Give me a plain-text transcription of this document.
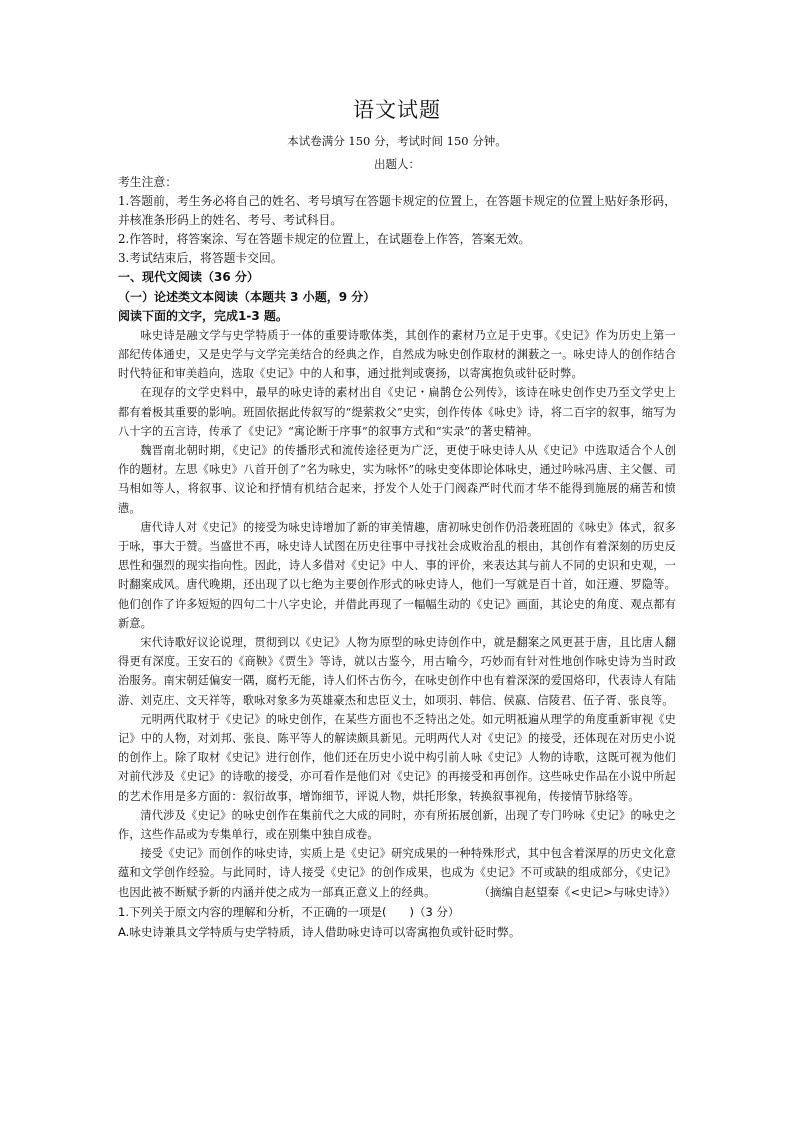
语文试题
本试卷满分 150 分，考试时间 150 分钟。
出题人：
考生注意：
1.答题前，考生务必将自己的姓名、考号填写在答题卡规定的位置上，在答题卡规定的位置上贴好条形码，并核准条形码上的姓名、考号、考试科目。
2.作答时，将答案涂、写在答题卡规定的位置上，在试题卷上作答，答案无效。
3.考试结束后，将答题卡交回。
一、现代文阅读（36 分）
（一）论述类文本阅读（本题共 3 小题，9 分）
阅读下面的文字，完成1-3 题。
咏史诗是融文学与史学特质于一体的重要诗歌体类，其创作的素材乃立足于史事。《史记》作为历史上第一部纪传体通史，又是史学与文学完美结合的经典之作，自然成为咏史创作取材的渊薮之一。咏史诗人的创作结合时代特征和审美趋向，选取《史记》中的人和事，通过批判或褒扬，以寄寓抱负或针砭时弊。
在现存的文学史料中，最早的咏史诗的素材出自《史记・扁鹊仓公列传》，该诗在咏史创作史乃至文学史上都有着极其重要的影响。班固依据此传叙写的“缇萦救父”史实，创作传体《咏史》诗，将二百字的叙事，缩写为八十字的五言诗，传承了《史记》“寓论断于序事”的叙事方式和“实录”的著史精神。
魏晋南北朝时期，《史记》的传播形式和流传途径更为广泛，更使于咏史诗人从《史记》中选取适合个人创作的题材。左思《咏史》八首开创了“名为咏史，实为咏怀”的咏史变体即论体咏史，通过吟咏冯唐、主父偃、司马相如等人，将叙事、议论和抒情有机结合起来，抒发个人处于门阀森严时代而才华不能得到施展的痛苦和愤懑。
唐代诗人对《史记》的接受为咏史诗增加了新的审美情趣，唐初咏史创作仍沿袭班固的《咏史》体式，叙多于咏，事大于赞。当盛世不再，咏史诗人试图在历史往事中寻找社会成败治乱的根由，其创作有着深刻的历史反思性和强烈的现实指向性。因此，诗人多借对《史记》中人、事的评价，来表达其与前人不同的史识和史观，一时翻案成风。唐代晚期，还出现了以七绝为主要创作形式的咏史诗人，他们一写就是百十首，如汪遵、罗隐等。他们创作了许多短短的四句二十八字史论，并借此再现了一幅幅生动的《史记》画面，其论史的角度、观点都有新意。
宋代诗歌好议论说理，贯彻到以《史记》人物为原型的咏史诗创作中，就是翻案之风更甚于唐，且比唐人翻得更有深度。王安石的《商鞅》《贾生》等诗，就以古鉴今，用古喻今，巧妙而有针对性地创作咏史诗为当时政治服务。南宋朝廷偏安一隅，腐朽无能，诗人们怀古伤今，在咏史创作中也有着深深的爱国烙印，代表诗人有陆游、刘克庄、文天祥等，歌咏对象多为英雄豪杰和忠臣义士，如项羽、韩信、侯嬴、信陵君、伍子胥、张良等。
元明两代取材于《史记》的咏史创作，在某些方面也不乏特出之处。如元明袛遍从理学的角度重新审视《史记》中的人物，对刘邦、张良、陈平等人的解读颇具新见。元明两代人对《史记》的接受，还体现在对历史小说的创作上。除了取材《史记》进行创作，他们还在历史小说中构引前人咏《史记》人物的诗歌，这既可视为他们对前代涉及《史记》的诗歌的接受，亦可看作是他们对《史记》的再接受和再创作。这些咏史作品在小说中所起的艺术作用是多方面的：叙衍故事，增饰细节，评说人物，烘托形象，转换叙事视角，传接情节脉络等。
清代涉及《史记》的咏史创作在集前代之大成的同时，亦有所拓展创新，出现了专门吟咏《史记》的咏史之作，这些作品或为专集单行，或在别集中独自成卷。
接受《史记》而创作的咏史诗，实质上是《史记》研究成果的一种特殊形式，其中包含着深厚的历史文化意蕴和文学创作经验。与此同时，诗人接受《史记》的创作成果，也成为《史记》不可或缺的组成部分，《史记》也因此被不断赋予新的内涵并使之成为一部真正意义上的经典。	（摘编自赵望秦《<史记>与咏史诗》）
1.下列关于原文内容的理解和分析，不正确的一项是(　　)（3 分）
A.咏史诗兼具文学特质与史学特质，诗人借助咏史诗可以寄寓抱负或针砭时弊。
